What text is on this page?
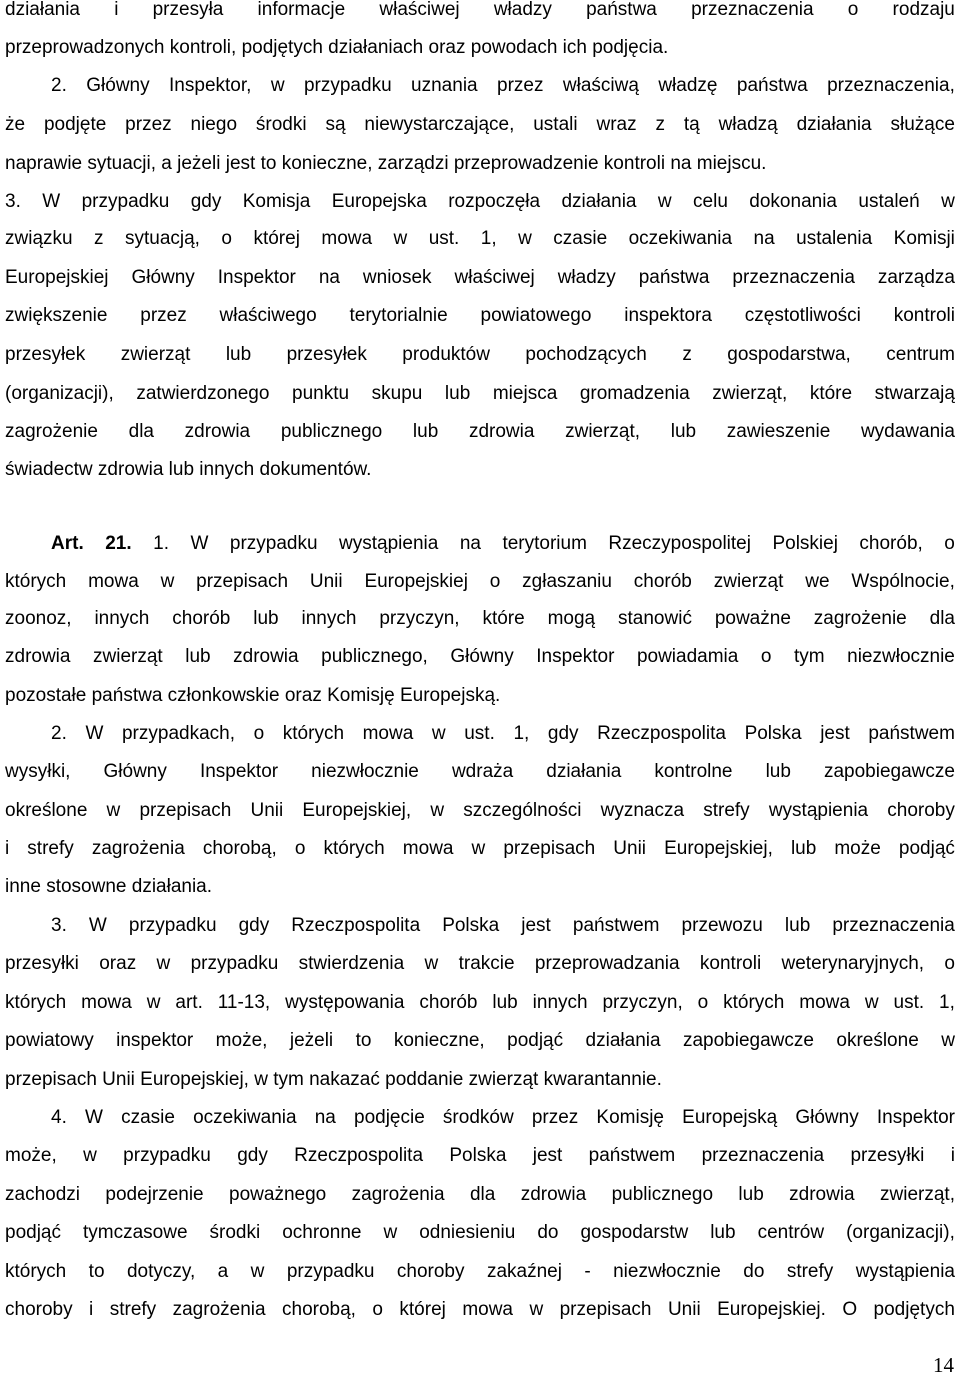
działania i przesyła informacje właściwej władzy państwa przeznaczenia o rodzaju
przeprowadzonych kontroli, podjętych działaniach oraz powodach ich podjęcia.
2. Główny Inspektor, w przypadku uznania przez właściwą władzę państwa przeznaczenia,
że podjęte przez niego środki są niewystarczające, ustali wraz z tą władzą działania służące
naprawie sytuacji, a jeżeli jest to konieczne, zarządzi przeprowadzenie kontroli na miejscu.
3. W przypadku gdy Komisja Europejska rozpoczęła działania w celu dokonania ustaleń w
związku z sytuacją, o której mowa w ust. 1, w czasie oczekiwania na ustalenia Komisji
Europejskiej Główny Inspektor na wniosek właściwej władzy państwa przeznaczenia zarządza
zwiększenie przez właściwego terytorialnie powiatowego inspektora częstotliwości kontroli
przesyłek zwierząt lub przesyłek produktów pochodzących z gospodarstwa, centrum
(organizacji), zatwierdzonego punktu skupu lub miejsca gromadzenia zwierząt, które stwarzają
zagrożenie dla zdrowia publicznego lub zdrowia zwierząt, lub zawieszenie wydawania
świadectw zdrowia lub innych dokumentów.
Art. 21. 1. W przypadku wystąpienia na terytorium Rzeczypospolitej Polskiej chorób, o
których mowa w przepisach Unii Europejskiej o zgłaszaniu chorób zwierząt we Wspólnocie,
zoonoz, innych chorób lub innych przyczyn, które mogą stanowić poważne zagrożenie dla
zdrowia zwierząt lub zdrowia publicznego, Główny Inspektor powiadamia o tym niezwłocznie
pozostałe państwa członkowskie oraz Komisję Europejską.
2. W przypadkach, o których mowa w ust. 1, gdy Rzeczpospolita Polska jest państwem
wysyłki, Główny Inspektor niezwłocznie wdraża działania kontrolne lub zapobiegawcze
określone w przepisach Unii Europejskiej, w szczególności wyznacza strefy wystąpienia choroby
i strefy zagrożenia chorobą, o których mowa w przepisach Unii Europejskiej, lub może podjąć
inne stosowne działania.
3. W przypadku gdy Rzeczpospolita Polska jest państwem przewozu lub przeznaczenia
przesyłki oraz w przypadku stwierdzenia w trakcie przeprowadzania kontroli weterynaryjnych, o
których mowa w art. 11-13, występowania chorób lub innych przyczyn, o których mowa w ust. 1,
powiatowy inspektor może, jeżeli to konieczne, podjąć działania zapobiegawcze określone w
przepisach Unii Europejskiej, w tym nakazać poddanie zwierząt kwarantannie.
4. W czasie oczekiwania na podjęcie środków przez Komisję Europejską Główny Inspektor
może, w przypadku gdy Rzeczpospolita Polska jest państwem przeznaczenia przesyłki i
zachodzi podejrzenie poważnego zagrożenia dla zdrowia publicznego lub zdrowia zwierząt,
podjąć tymczasowe środki ochronne w odniesieniu do gospodarstw lub centrów (organizacji),
których to dotyczy, a w przypadku choroby zakaźnej - niezwłocznie do strefy wystąpienia
choroby i strefy zagrożenia chorobą, o której mowa w przepisach Unii Europejskiej. O podjętych
14
